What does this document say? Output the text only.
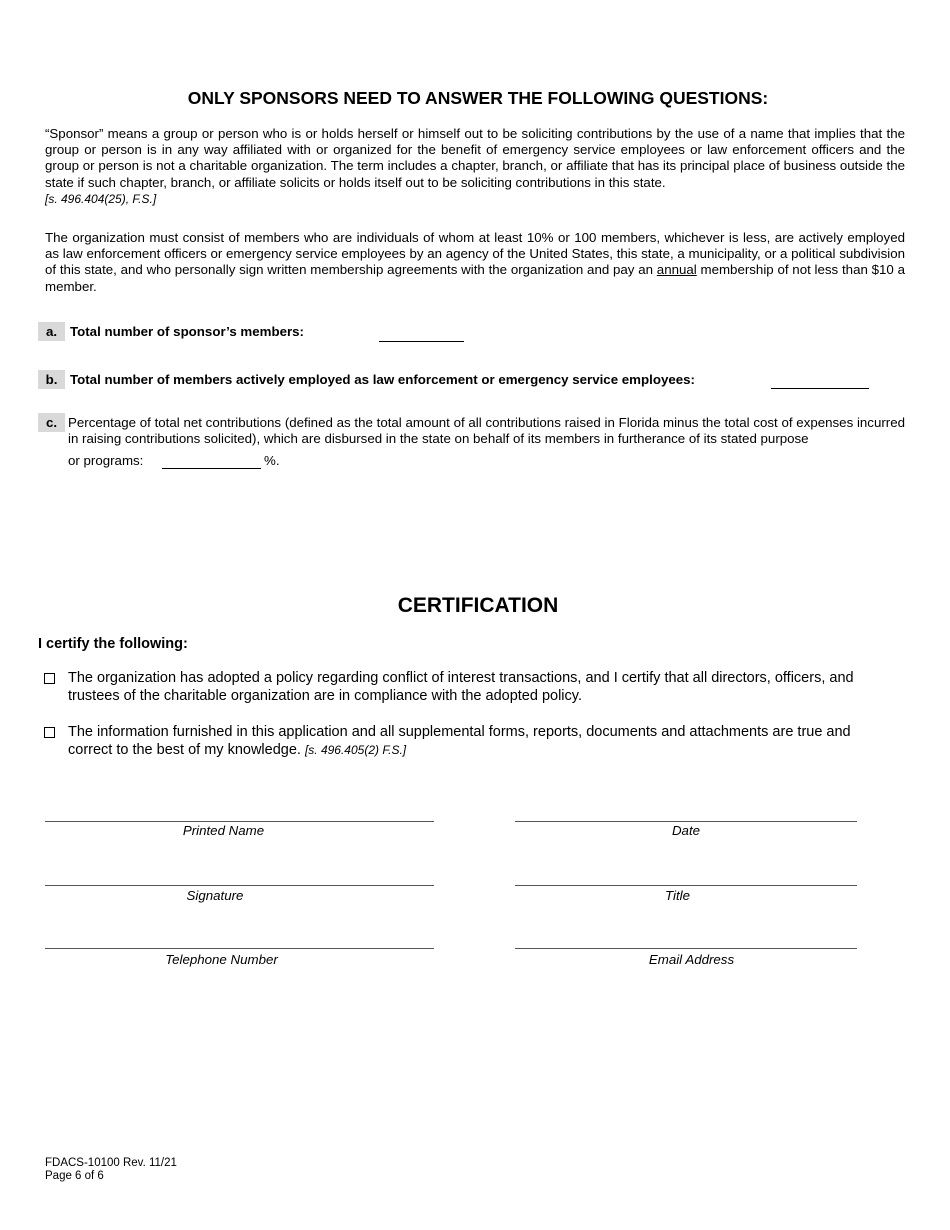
ONLY SPONSORS NEED TO ANSWER THE FOLLOWING QUESTIONS:
“Sponsor” means a group or person who is or holds herself or himself out to be soliciting contributions by the use of a name that implies that the group or person is in any way affiliated with or organized for the benefit of emergency service employees or law enforcement officers and the group or person is not a charitable organization. The term includes a chapter, branch, or affiliate that has its principal place of business outside the state if such chapter, branch, or affiliate solicits or holds itself out to be soliciting contributions in this state.
[s. 496.404(25), F.S.]
The organization must consist of members who are individuals of whom at least 10% or 100 members, whichever is less, are actively employed as law enforcement officers or emergency service employees by an agency of the United States, this state, a municipality, or a political subdivision of this state, and who personally sign written membership agreements with the organization and pay an annual membership of not less than $10 a member.
a. Total number of sponsor’s members:
b. Total number of members actively employed as law enforcement or emergency service employees:
c. Percentage of total net contributions (defined as the total amount of all contributions raised in Florida minus the total cost of expenses incurred in raising contributions solicited), which are disbursed in the state on behalf of its members in furtherance of its stated purpose
or programs:	%.
CERTIFICATION
I certify the following:
The organization has adopted a policy regarding conflict of interest transactions, and I certify that all directors, officers, and trustees of the charitable organization are in compliance with the adopted policy.
The information furnished in this application and all supplemental forms, reports, documents and attachments are true and correct to the best of my knowledge. [s. 496.405(2) F.S.]
Printed Name	Date
Signature	Title
Telephone Number	Email Address
FDACS-10100 Rev. 11/21
Page 6 of 6
